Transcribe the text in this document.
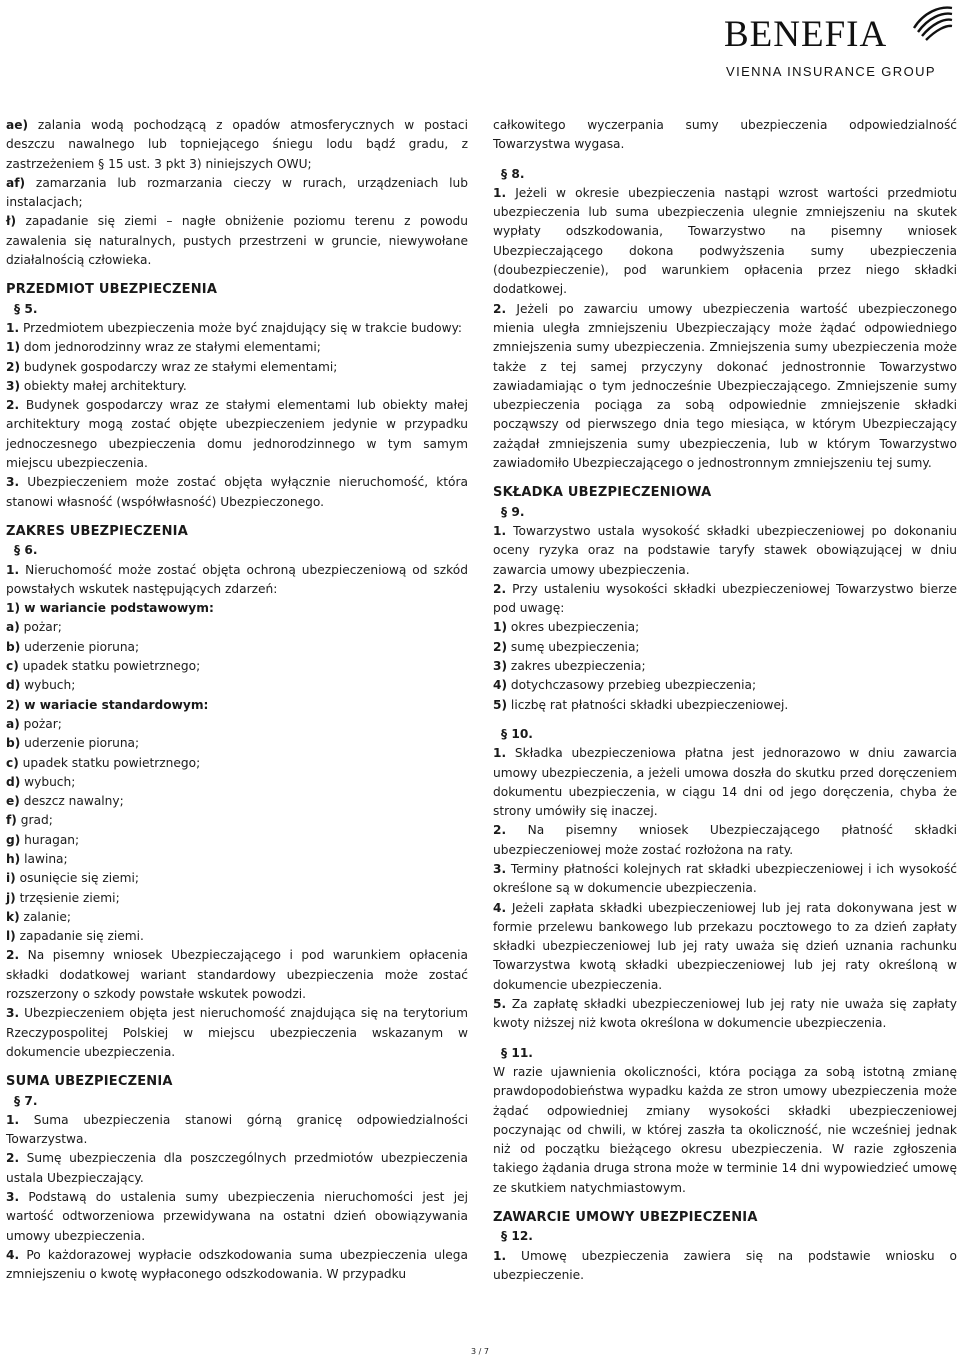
BENEFIA
VIENNA INSURANCE GROUP

ae) zalania wodą pochodzącą z opadów atmosferycznych w postaci deszczu nawalnego lub topniejącego śniegu lodu bądź gradu, z zastrzeżeniem § 15 ust. 3 pkt 3) niniejszych OWU;

af) zamarzania lub rozmarzania cieczy w rurach, urządzeniach lub instalacjach;

ł) zapadanie się ziemi – nagłe obniżenie poziomu terenu z powodu zawalenia się naturalnych, pustych przestrzeni w gruncie, niewywołane działalnością człowieka.

PRZEDMIOT UBEZPIECZENIA
§ 5.

1. Przedmiotem ubezpieczenia może być znajdujący się w trakcie budowy:

1) dom jednorodzinny wraz ze stałymi elementami;

2) budynek gospodarczy wraz ze stałymi elementami;

3) obiekty małej architektury.

2. Budynek gospodarczy wraz ze stałymi elementami lub obiekty małej architektury mogą zostać objęte ubezpieczeniem jedynie w przypadku jednoczesnego ubezpieczenia domu jednorodzinnego w tym samym miejscu ubezpieczenia.

3. Ubezpieczeniem może zostać objęta wyłącznie nieruchomość, która stanowi własność (współwłasność) Ubezpieczonego.

ZAKRES UBEZPIECZENIA
§ 6.

1. Nieruchomość może zostać objęta ochroną ubezpieczeniową od szkód powstałych wskutek następujących zdarzeń:

1) w wariancie podstawowym:

a) pożar;

b) uderzenie pioruna;

c) upadek statku powietrznego;

d) wybuch;

2) w wariacie standardowym:

a) pożar;

b) uderzenie pioruna;

c) upadek statku powietrznego;

d) wybuch;

e) deszcz nawalny;

f) grad;

g) huragan;

h) lawina;

i) osunięcie się ziemi;

j) trzęsienie ziemi;

k) zalanie;

l) zapadanie się ziemi.

2. Na pisemny wniosek Ubezpieczającego i pod warunkiem opłacenia składki dodatkowej wariant standardowy ubezpieczenia może zostać rozszerzony o szkody powstałe wskutek powodzi.

3. Ubezpieczeniem objęta jest nieruchomość znajdująca się na terytorium Rzeczypospolitej Polskiej w miejscu ubezpieczenia wskazanym w dokumencie ubezpieczenia.

SUMA UBEZPIECZENIA
§ 7.

1. Suma ubezpieczenia stanowi górną granicę odpowiedzialności Towarzystwa.

2. Sumę ubezpieczenia dla poszczególnych przedmiotów ubezpieczenia ustala Ubezpieczający.

3. Podstawą do ustalenia sumy ubezpieczenia nieruchomości jest jej wartość odtworzeniowa przewidywana na ostatni dzień obowiązywania umowy ubezpieczenia.

4. Po każdorazowej wypłacie odszkodowania suma ubezpieczenia ulega zmniejszeniu o kwotę wypłaconego odszkodowania. W przypadku

całkowitego wyczerpania sumy ubezpieczenia odpowiedzialność Towarzystwa wygasa.

§ 8.

1. Jeżeli w okresie ubezpieczenia nastąpi wzrost wartości przedmiotu ubezpieczenia lub suma ubezpieczenia ulegnie zmniejszeniu na skutek wypłaty odszkodowania, Towarzystwo na pisemny wniosek Ubezpieczającego dokona podwyższenia sumy ubezpieczenia (doubezpieczenie), pod warunkiem opłacenia przez niego składki dodatkowej.

2. Jeżeli po zawarciu umowy ubezpieczenia wartość ubezpieczonego mienia uległa zmniejszeniu Ubezpieczający może żądać odpowiedniego zmniejszenia sumy ubezpieczenia. Zmniejszenia sumy ubezpieczenia może także z tej samej przyczyny dokonać jednostronnie Towarzystwo zawiadamiając o tym jednocześnie Ubezpieczającego. Zmniejszenie sumy ubezpieczenia pociąga za sobą odpowiednie zmniejszenie składki począwszy od pierwszego dnia tego miesiąca, w którym Ubezpieczający zażądał zmniejszenia sumy ubezpieczenia, lub w którym Towarzystwo zawiadomiło Ubezpieczającego o jednostronnym zmniejszeniu tej sumy.

SKŁADKA UBEZPIECZENIOWA
§ 9.

1. Towarzystwo ustala wysokość składki ubezpieczeniowej po dokonaniu oceny ryzyka oraz na podstawie taryfy stawek obowiązującej w dniu zawarcia umowy ubezpieczenia.

2. Przy ustaleniu wysokości składki ubezpieczeniowej Towarzystwo bierze pod uwagę:

1) okres ubezpieczenia;

2) sumę ubezpieczenia;

3) zakres ubezpieczenia;

4) dotychczasowy przebieg ubezpieczenia;

5) liczbę rat płatności składki ubezpieczeniowej.

§ 10.

1. Składka ubezpieczeniowa płatna jest jednorazowo w dniu zawarcia umowy ubezpieczenia, a jeżeli umowa doszła do skutku przed doręczeniem dokumentu ubezpieczenia, w ciągu 14 dni od jego doręczenia, chyba że strony umówiły się inaczej.

2. Na pisemny wniosek Ubezpieczającego płatność składki ubezpieczeniowej może zostać rozłożona na raty.

3. Terminy płatności kolejnych rat składki ubezpieczeniowej i ich wysokość określone są w dokumencie ubezpieczenia.

4. Jeżeli zapłata składki ubezpieczeniowej lub jej rata dokonywana jest w formie przelewu bankowego lub przekazu pocztowego to za dzień zapłaty składki ubezpieczeniowej lub jej raty uważa się dzień uznania rachunku Towarzystwa kwotą składki ubezpieczeniowej lub jej raty określoną w dokumencie ubezpieczenia.

5. Za zapłatę składki ubezpieczeniowej lub jej raty nie uważa się zapłaty kwoty niższej niż kwota określona w dokumencie ubezpieczenia.

§ 11.

W razie ujawnienia okoliczności, która pociąga za sobą istotną zmianę prawdopodobieństwa wypadku każda ze stron umowy ubezpieczenia może żądać odpowiedniej zmiany wysokości składki ubezpieczeniowej poczynając od chwili, w której zaszła ta okoliczność, nie wcześniej jednak niż od początku bieżącego okresu ubezpieczenia. W razie zgłoszenia takiego żądania druga strona może w terminie 14 dni wypowiedzieć umowę ze skutkiem natychmiastowym.

ZAWARCIE UMOWY UBEZPIECZENIA
§ 12.

1. Umowę ubezpieczenia zawiera się na podstawie wniosku o ubezpieczenie.

3 / 7
